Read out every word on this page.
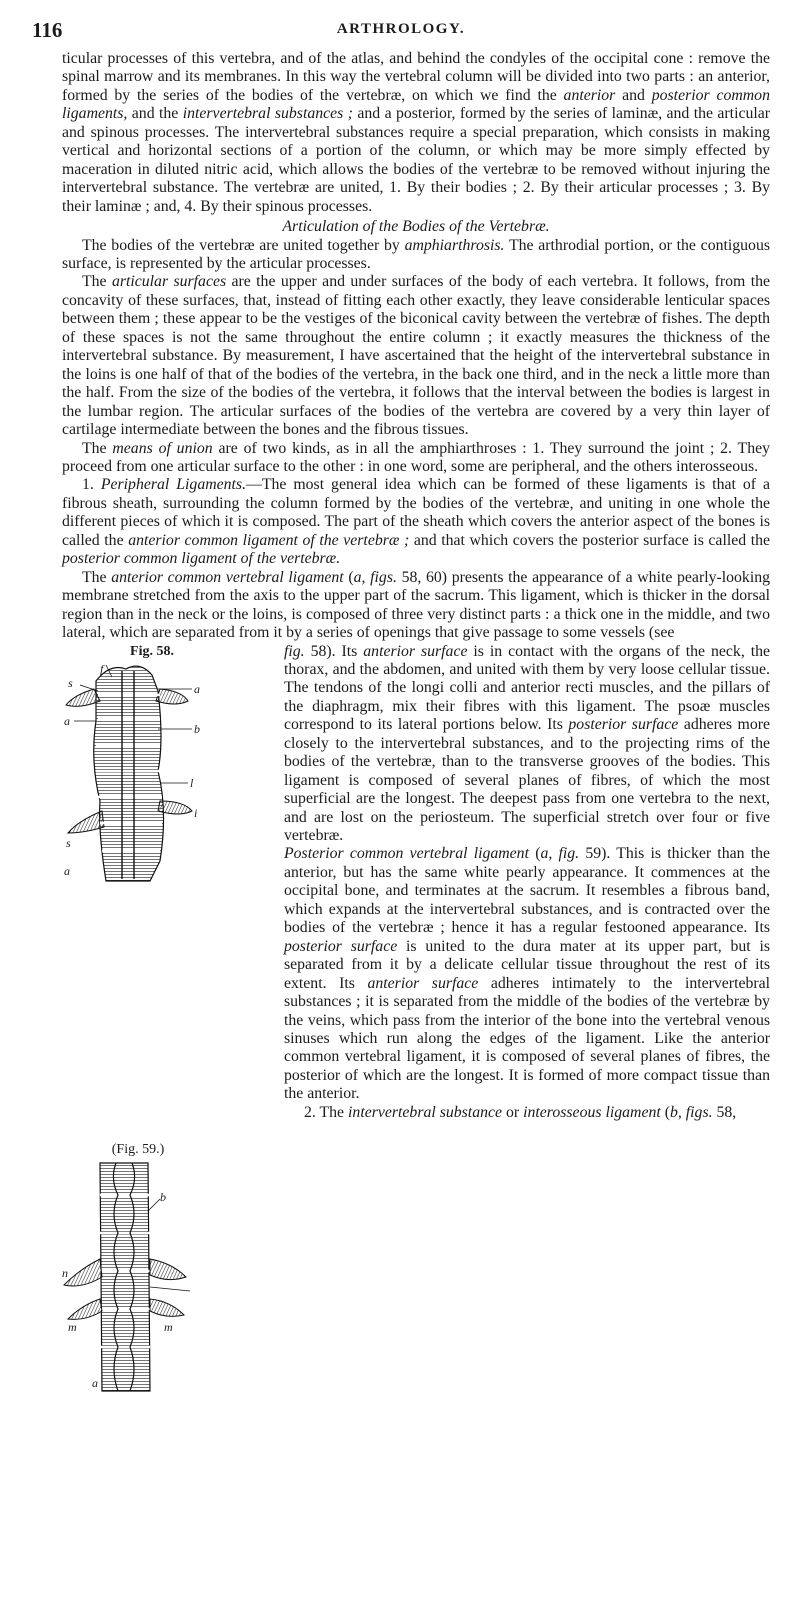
116	ARTHROLOGY.

ticular processes of this vertebra, and of the atlas, and behind the condyles of the occipital cone : remove the spinal marrow and its membranes. In this way the vertebral column will be divided into two parts : an anterior, formed by the series of the bodies of the vertebræ, on which we find the anterior and posterior common ligaments, and the intervertebral substances ; and a posterior, formed by the series of laminæ, and the articular and spinous processes. The intervertebral substances require a special preparation, which consists in making vertical and horizontal sections of a portion of the column, or which may be more simply effected by maceration in diluted nitric acid, which allows the bodies of the vertebræ to be removed without injuring the intervertebral substance. The vertebræ are united, 1. By their bodies ; 2. By their articular processes ; 3. By their laminæ ; and, 4. By their spinous processes.

Articulation of the Bodies of the Vertebræ.

The bodies of the vertebræ are united together by amphiarthrosis. The arthrodial portion, or the contiguous surface, is represented by the articular processes.

The articular surfaces are the upper and under surfaces of the body of each vertebra. It follows, from the concavity of these surfaces, that, instead of fitting each other exactly, they leave considerable lenticular spaces between them ; these appear to be the vestiges of the biconical cavity between the vertebræ of fishes. The depth of these spaces is not the same throughout the entire column ; it exactly measures the thickness of the intervertebral substance. By measurement, I have ascertained that the height of the intervertebral substance in the loins is one half of that of the bodies of the vertebra, in the back one third, and in the neck a little more than the half. From the size of the bodies of the vertebra, it follows that the interval between the bodies is largest in the lumbar region. The articular surfaces of the bodies of the vertebra are covered by a very thin layer of cartilage intermediate between the bones and the fibrous tissues.

The means of union are of two kinds, as in all the amphiarthroses : 1. They surround the joint ; 2. They proceed from one articular surface to the other : in one word, some are peripheral, and the others interosseous.

1. Peripheral Ligaments.—The most general idea which can be formed of these ligaments is that of a fibrous sheath, surrounding the column formed by the bodies of the vertebræ, and uniting in one whole the different pieces of which it is composed. The part of the sheath which covers the anterior aspect of the bones is called the anterior common ligament of the vertebræ ; and that which covers the posterior surface is called the posterior common ligament of the vertebræ.

The anterior common vertebral ligament (a, figs. 58, 60) presents the appearance of a white pearly-looking membrane stretched from the axis to the upper part of the sacrum. This ligament, which is thicker in the dorsal region than in the neck or the loins, is composed of three very distinct parts : a thick one in the middle, and two lateral, which are separated from it by a series of openings that give passage to some vessels (see

Fig. 58.
f
s	a
a
b
l
i
s
a

fig. 58). Its anterior surface is in contact with the organs of the neck, the thorax, and the abdomen, and united with them by very loose cellular tissue. The tendons of the longi colli and anterior recti muscles, and the pillars of the diaphragm, mix their fibres with this ligament. The psoæ muscles correspond to its lateral portions below. Its posterior surface adheres more closely to the intervertebral substances, and to the projecting rims of the bodies of the vertebræ, than to the transverse grooves of the bodies. This ligament is composed of several planes of fibres, of which the most superficial are the longest. The deepest pass from one vertebra to the next, and are lost on the periosteum. The superficial stretch over four or five vertebræ.

(Fig. 59.)
b
n
m	m
a

Posterior common vertebral ligament (a, fig. 59). This is thicker than the anterior, but has the same white pearly appearance. It commences at the occipital bone, and terminates at the sacrum. It resembles a fibrous band, which expands at the intervertebral substances, and is contracted over the bodies of the vertebræ ; hence it has a regular festooned appearance. Its posterior surface is united to the dura mater at its upper part, but is separated from it by a delicate cellular tissue throughout the rest of its extent. Its anterior surface adheres intimately to the intervertebral substances ; it is separated from the middle of the bodies of the vertebræ by the veins, which pass from the interior of the bone into the vertebral venous sinuses which run along the edges of the ligament. Like the anterior common vertebral ligament, it is composed of several planes of fibres, the posterior of which are the longest. It is formed of more compact tissue than the anterior.

2. The intervertebral substance or interosseous ligament (b, figs. 58,
